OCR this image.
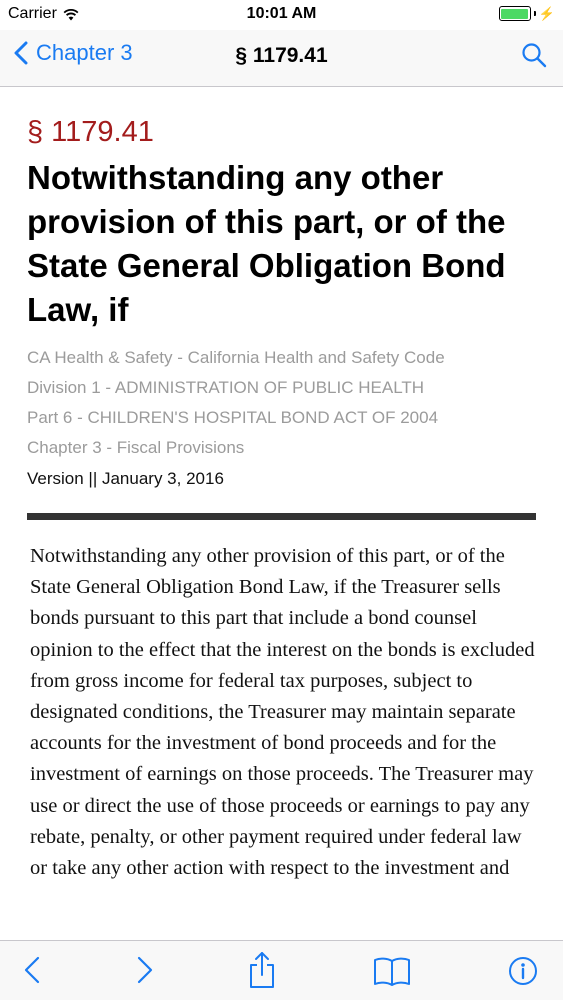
Carrier	10:01 AM	⚡
Chapter 3	§ 1179.41
§ 1179.41
Notwithstanding any other provision of this part, or of the State General Obligation Bond Law, if
CA Health & Safety - California Health and Safety Code
Division 1 - ADMINISTRATION OF PUBLIC HEALTH
Part 6 - CHILDREN'S HOSPITAL BOND ACT OF 2004
Chapter 3 - Fiscal Provisions
Version || January 3, 2016
Notwithstanding any other provision of this part, or of the State General Obligation Bond Law, if the Treasurer sells bonds pursuant to this part that include a bond counsel opinion to the effect that the interest on the bonds is excluded from gross income for federal tax purposes, subject to designated conditions, the Treasurer may maintain separate accounts for the investment of bond proceeds and for the investment of earnings on those proceeds. The Treasurer may use or direct the use of those proceeds or earnings to pay any rebate, penalty, or other payment required under federal law or take any other action with respect to the investment and
